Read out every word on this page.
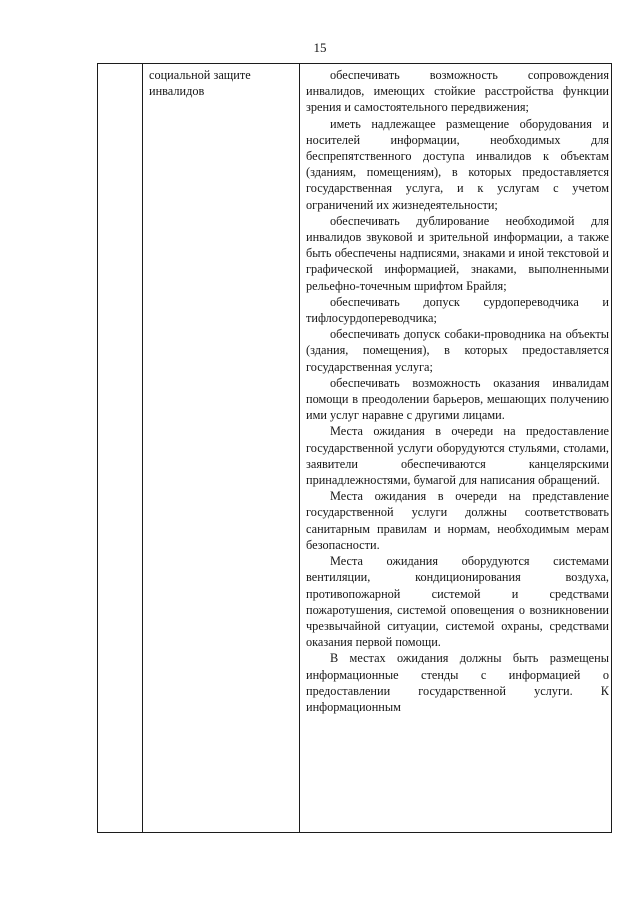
15
социальной защите
инвалидов

обеспечивать возможность сопровождения инвалидов, имеющих стойкие расстройства функции зрения и самостоятельного передвижения;

иметь надлежащее размещение оборудования и носителей информации, необходимых для беспрепятственного доступа инвалидов к объектам (зданиям, помещениям), в которых предоставляется государственная услуга, и к услугам с учетом ограничений их жизнедеятельности;

обеспечивать дублирование необходимой для инвалидов звуковой и зрительной информации, а также быть обеспечены надписями, знаками и иной текстовой и графической информацией, знаками, выполненными рельефно-точечным шрифтом Брайля;

обеспечивать допуск сурдопереводчика и тифлосурдопереводчика;

обеспечивать допуск собаки-проводника на объекты (здания, помещения), в которых предоставляется государственная услуга;

обеспечивать возможность оказания инвалидам помощи в преодолении барьеров, мешающих получению ими услуг наравне с другими лицами.

Места ожидания в очереди на предоставление государственной услуги оборудуются стульями, столами, заявители обеспечиваются канцелярскими принадлежностями, бумагой для написания обращений.

Места ожидания в очереди на представление государственной услуги должны соответствовать санитарным правилам и нормам, необходимым мерам безопасности.

Места ожидания оборудуются системами вентиляции, кондиционирования воздуха, противопожарной системой и средствами пожаротушения, системой оповещения о возникновении чрезвычайной ситуации, системой охраны, средствами оказания первой помощи.

В местах ожидания должны быть размещены информационные стенды с информацией о предоставлении государственной услуги. К информационным
